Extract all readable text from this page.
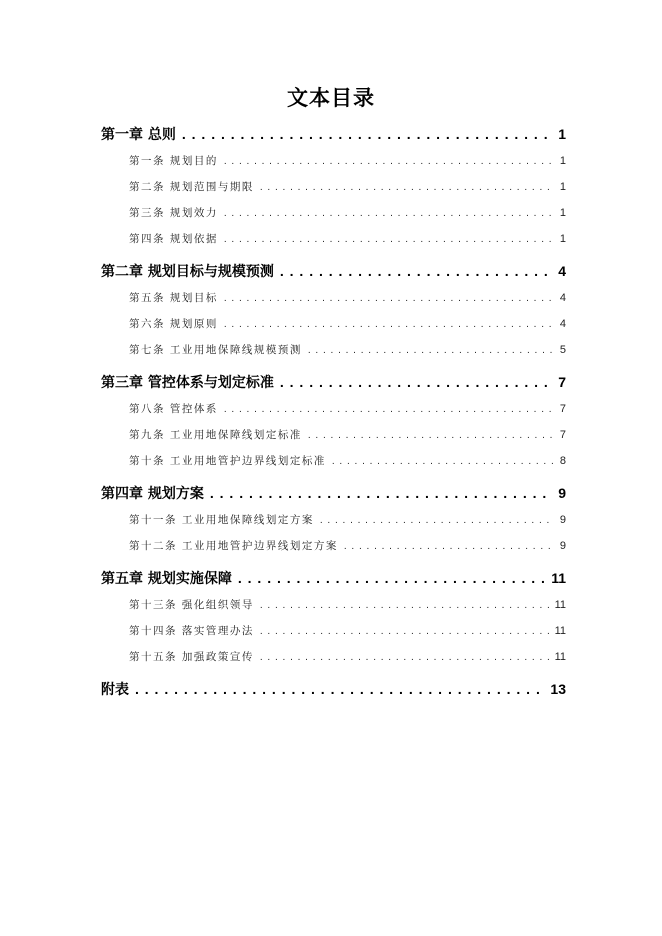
文本目录
第一章 总则 . . .	1
第一条 规划目的 . . .	1
第二条 规划范围与期限 . . .	1
第三条 规划效力 . . .	1
第四条 规划依据 . . .	1
第二章 规划目标与规模预测 . . .	4
第五条 规划目标 . . .	4
第六条 规划原则 . . .	4
第七条 工业用地保障线规模预测 . . .	5
第三章 管控体系与划定标准 . . .	7
第八条 管控体系 . . .	7
第九条 工业用地保障线划定标准 . . .	7
第十条 工业用地管护边界线划定标准 . . .	8
第四章 规划方案 . . .	9
第十一条 工业用地保障线划定方案 . . .	9
第十二条 工业用地管护边界线划定方案 . . .	9
第五章 规划实施保障 . . .	11
第十三条 强化组织领导 . . .	11
第十四条 落实管理办法 . . .	11
第十五条 加强政策宣传 . . .	11
附表 . . .	13
